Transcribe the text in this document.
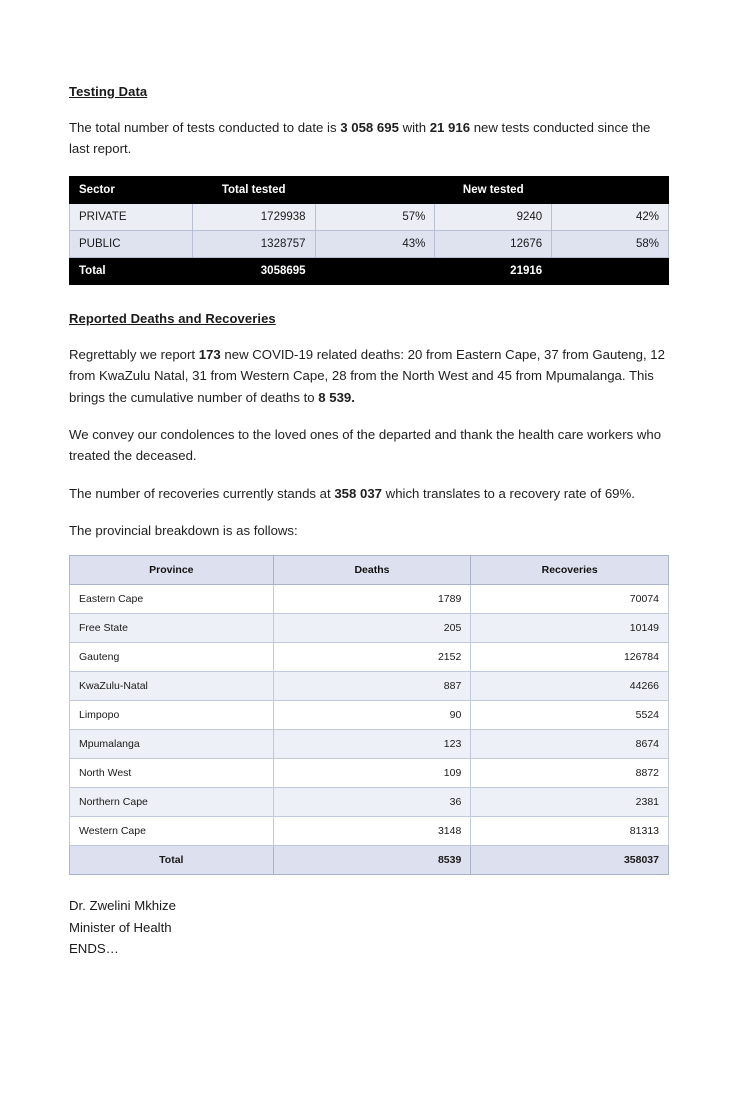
Testing Data

The total number of tests conducted to date is 3 058 695 with 21 916 new tests conducted since the last report.

Sector	Total tested		New tested	
PRIVATE	1729938	57%	9240	42%
PUBLIC	1328757	43%	12676	58%
Total	3058695		21916	
Reported Deaths and Recoveries

Regrettably we report 173 new COVID-19 related deaths: 20 from Eastern Cape, 37 from Gauteng, 12 from KwaZulu Natal, 31 from Western Cape, 28 from the North West and 45 from Mpumalanga. This brings the cumulative number of deaths to 8 539.

We convey our condolences to the loved ones of the departed and thank the health care workers who treated the deceased.

The number of recoveries currently stands at 358 037 which translates to a recovery rate of 69%.

The provincial breakdown is as follows:

Province	Deaths	Recoveries
Eastern Cape	1789	70074
Free State	205	10149
Gauteng	2152	126784
KwaZulu-Natal	887	44266
Limpopo	90	5524
Mpumalanga	123	8674
North West	109	8872
Northern Cape	36	2381
Western Cape	3148	81313
Total	8539	358037
Dr. Zwelini Mkhize
Minister of Health
ENDS…
